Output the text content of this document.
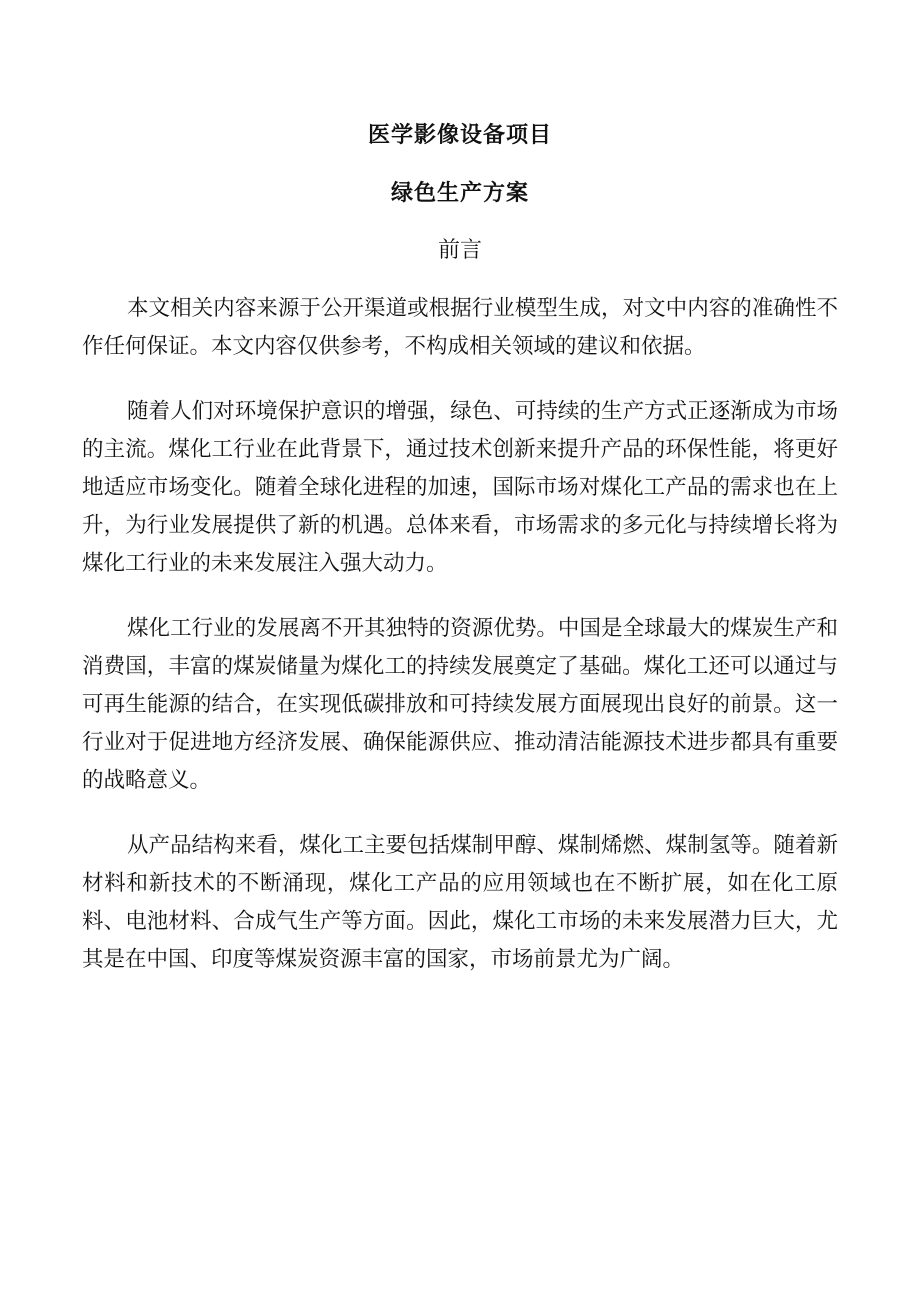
医学影像设备项目
绿色生产方案
前言

本文相关内容来源于公开渠道或根据行业模型生成，对文中内容的准确性不作任何保证。本文内容仅供参考，不构成相关领域的建议和依据。

随着人们对环境保护意识的增强，绿色、可持续的生产方式正逐渐成为市场的主流。煤化工行业在此背景下，通过技术创新来提升产品的环保性能，将更好地适应市场变化。随着全球化进程的加速，国际市场对煤化工产品的需求也在上升，为行业发展提供了新的机遇。总体来看，市场需求的多元化与持续增长将为煤化工行业的未来发展注入强大动力。

煤化工行业的发展离不开其独特的资源优势。中国是全球最大的煤炭生产和消费国，丰富的煤炭储量为煤化工的持续发展奠定了基础。煤化工还可以通过与可再生能源的结合，在实现低碳排放和可持续发展方面展现出良好的前景。这一行业对于促进地方经济发展、确保能源供应、推动清洁能源技术进步都具有重要的战略意义。

从产品结构来看，煤化工主要包括煤制甲醇、煤制烯燃、煤制氢等。随着新材料和新技术的不断涌现，煤化工产品的应用领域也在不断扩展，如在化工原料、电池材料、合成气生产等方面。因此，煤化工市场的未来发展潜力巨大，尤其是在中国、印度等煤炭资源丰富的国家，市场前景尤为广阔。
